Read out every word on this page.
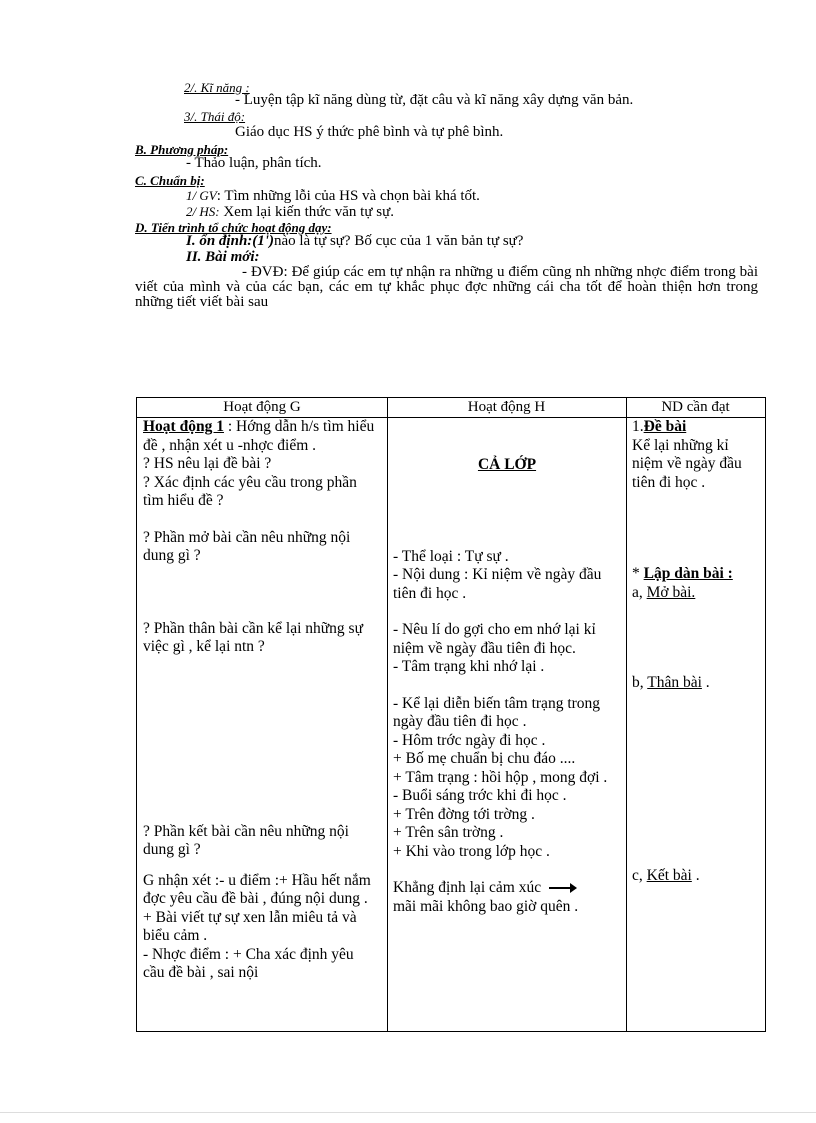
2/. Kĩ năng :
- Luyện tập kĩ năng dùng từ, đặt câu và kĩ năng xây dựng văn bản.
3/. Thái độ:
Giáo dục HS ý thức phê bình và tự phê bình.
B. Phương pháp:
- Thảo luận, phân tích.
C. Chuẩn bị:
1/ GV: Tìm những lỗi của HS và chọn bài khá tốt.
2/ HS: Xem lại kiến thức văn tự sự.
D. Tiến trình tổ chức hoạt động dạy:
I. ổn định:(1')nào là tự sự? Bố cục của 1 văn bản tự sự?
II. Bài mới:
- ĐVĐ: Để giúp các em tự nhận ra những u điểm cũng nh những nhợc điểm trong bài viết của mình và của các bạn, các em tự khắc phục đợc những cái cha tốt để hoàn thiện hơn trong những tiết viết bài sau
Hoạt động G	Hoạt động H	ND cần đạt

Hoạt động 1 : Hớng dẫn h/s tìm hiểu đề , nhận xét u -nhợc điểm .

? HS nêu lại đề bài ?

? Xác định các yêu cầu trong phần tìm hiểu đề ?

? Phần mở bài cần nêu những nội dung gì ?

? Phần thân bài cần kể lại những sự việc gì , kể lại ntn ?

? Phần kết bài cần nêu những nội dung gì ?

G nhận xét :- u điểm :+ Hầu hết nắm đợc yêu cầu đề bài , đúng nội dung .

+ Bài viết tự sự xen lẫn miêu tả và biểu cảm .

- Nhợc điểm : + Cha xác định yêu cầu đề bài , sai nội

CẢ LỚP

- Thể loại : Tự sự .

- Nội dung : Kỉ niệm về ngày đầu tiên đi học .

- Nêu lí do gợi cho em nhớ lại kỉ niệm về ngày đầu tiên đi học.

- Tâm trạng khi nhớ lại .

- Kể lại diễn biến tâm trạng trong ngày đầu tiên đi học .

- Hôm trớc ngày đi học .

+ Bố mẹ chuẩn bị chu đáo ....

+ Tâm trạng : hồi hộp , mong đợi .

- Buổi sáng trớc khi đi học .

+ Trên đờng tới trờng .

+ Trên sân trờng .

+ Khi vào trong lớp học .

Khẳng định lại cảm xúc

mãi mãi không bao giờ quên .

1.Đề bài

Kể lại những kỉ niệm về ngày đầu tiên đi học .

* Lập dàn bài :

a, Mở bài.

b, Thân bài .

c, Kết bài .
